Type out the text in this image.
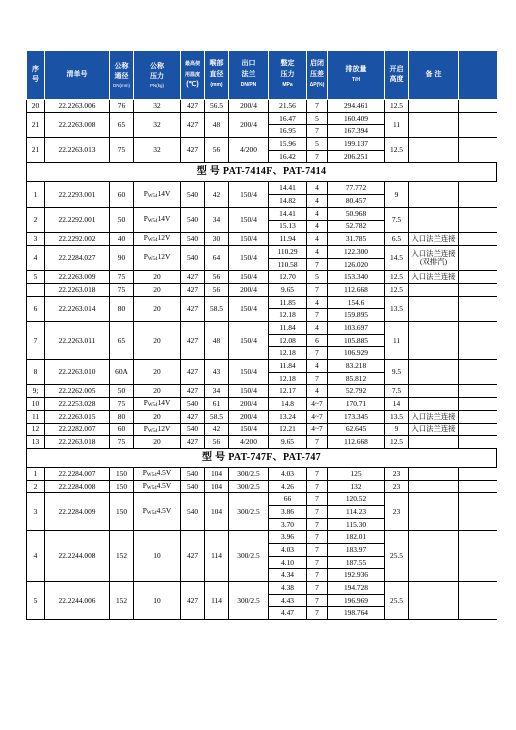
序
号	清单号	公称
通径
DN(mm)	公称
压力
PN(kg)	最高使
用温度
(℃)	喉部
直径
(mm)	出口
法兰
DN/PN	整定
压力
MPa	启闭
压差
ΔP(%)	排放量
T/H	开启
高度	备 注	
20	22.2263.006	76	32	427	56.5	200/4	21.56	7	294.461	12.5		
21	22.2263.008	65	32	427	48	200/4	16.47	5	160.409	11		
							16.95	7	167.394			
21	22.2263.013	75	32	427	56	4/200	15.96	5	199.137	12.5		
							16.42	7	206.251			
型 号 PAT-7414F、PAT-7414												
1	22.2293.001	60	$P_{W54}14V$	540	42	150/4	14.41	4	77.772	9		
							14.82	4	80.457			
2	22.2292.001	50	$P_{W54}14V$	540	34	150/4	14.41	4	50.968	7.5		
							15.13	4	52.782			
3	22.2292.002	40	$P_{W54}12V$	540	30	150/4	11.94	4	31.785	6.5	入口法兰连接	
4	22.2284.027	90	$P_{W54}12V$	540	64	150/4	110.29	4	122.300	14.5	入口法兰连接
(双排汽)	
							110.58	7	126.020			
5	22.2263.009	75	20	427	56	150/4	12.70	5	153.340	12.5	入口法兰连接	
	22.2263.018	75	20	427	56	200/4	9.65	7	112.668	12.5		
6	22.2263.014	80	20	427	58.5	150/4	11.85	4	154.6	13.5		
							12.18	7	159.895			
7	22.2263.011	65	20	427	48	150/4	11.84	4	103.697	11		
							12.08	6	105.885			
							12.18	7	106.929			
8	22.2263.010	60A	20	427	43	150/4	11.84	4	83.218	9.5		
							12.18	7	85.812			
9;	22.2262.005	50	20	427	34	150/4	12.17	4	52.792	7.5		
10	22.2253.028	75	$P_{W54}14V$	540	61	200/4	14.8	4~7	170.71	14		
11	22.2263.015	80	20	427	58.5	200/4	13.24	4~7	173.345	13.5	入口法兰连接	
12	22.2282.007	60	$P_{W54}12V$	540	42	150/4	12.21	4~7	62.645	9	入口法兰连接	
13	22.2263.018	75	20	427	56	4/200	9.65	7	112.668	12.5		
型 号 PAT-747F、PAT-747												
1	22.2284.007	150	$P_{W54}4.5V$	540	104	300/2.5	4.03	7	125	23		
2	22.2284.008	150	$P_{W54}4.5V$	540	104	300/2.5	4.26	7	132	23		
3	22.2284.009	150	$P_{W54}4.5V$	540	104	300/2.5	66	7	120.52	23		
							3.86	7	114.23			
							3.70	7	115.30			
4	22.2244.008	152	10	427	114	300/2.5	3.96	7	182.01	25.5		
							4.03	7	183.97			
							4.10	7	187.55			
							4.34	7	192.936			
5	22.2244.006	152	10	427	114	300/2.5	4.38	7	194.728	25.5		
							4.43	7	196.969			
							4.47	7	198.764			
